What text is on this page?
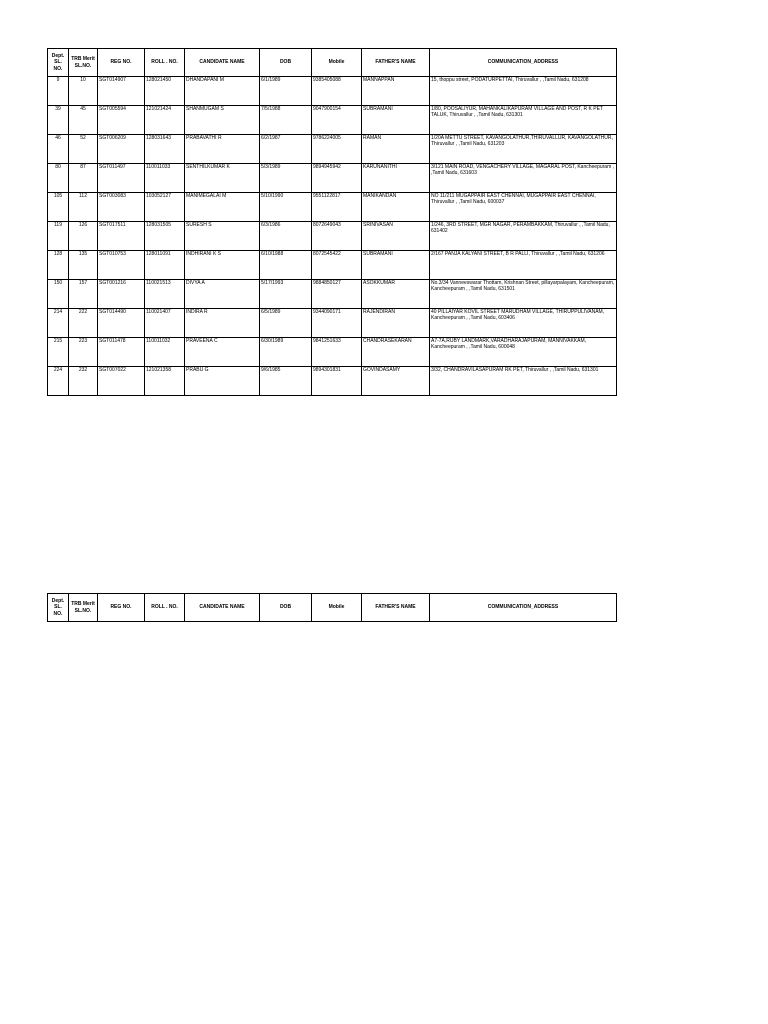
Dept. SL. NO.	TRB Merit SL.NO.	REG NO.	ROLL . NO.	CANDIDATE NAME	DOB	Mobile	FATHER'S NAME	COMMUNICATION_ADDRESS
9	10	SGT014907	128021450	DHANDAPANI M	6/1/1989	9385405088	MANNAPPAN	15, thoppu street, PODATURPETTAI, Thiruvallur , ,Tamil Nadu, 631208
39	45	SGT005594	121021424	SHANMUGAM S	7/5/1988	9047900154	SUBRAMANI	1/80, POOSALIYUR, MAHANKALIKAPURAM VILLAGE AND POST, R K PET TALUK, Thiruvallur , ,Tamil Nadu, 631301
46	52	SGT006209	128031643	PRABAVATHI R	6/2/1987	9786224005	RAMAN	1/20A METTU STREET, KAVANGOLATHUR,THIRUVALLUR, KAVANGOLATHUR, Thiruvallur , ,Tamil Nadu, 631203
80	87	SGT011497	110011033	SENTHILKUMAR K	5/3/1989	9894945942	KARUNANITHI	3/121 MAIN ROAD, VENGACHERY VILLAGE, MAGARAL POST, Kancheepuram , ,Tamil Nadu, 631603
105	112	SGT003083	103052127	MANIMEGALAI M	5/10/1990	9551122817	MANIKANDAN	NO 11/211 MUGAPPAIR EAST CHENNAI, MUGAPPAIR EAST CHENNAI, Thiruvallur , ,Tamil Nadu, 600037
119	126	SGT017511	128031505	SURESH S	6/3/1986	8072649043	SRINIVASAN	1/246, 3RD STREET, MGR NAGAR, PERAMBAKKAM, Thiruvallur , ,Tamil Nadu, 631402
128	135	SGT010753	128011091	INDHIRANI K S	6/10/1988	8072545422	SUBRAMANI	2/167 PANJA KALYANI STREET, B R PALLI, Thiruvallur , ,Tamil Nadu, 631206
150	157	SGT001216	110021513	DIVYA A	5/17/1993	9884850127	ASOKKUMAR	No.3/34 Vanneeswarar Thottam, Krishnan Street, pillayarpalayam, Kancheepuram, Kancheepuram , ,Tamil Nadu, 631501
214	222	SGT014490	110021407	INDIRA R	6/5/1989	9344090171	RAJENDIRAN	40 PILLAIYAR KOVIL STREET MARUDHAM VILLAGE, THIRUPPULIVANAM, Kancheepuram , ,Tamil Nadu, 603406
215	223	SGT011478	110011032	PRAVEENA C	6/30/1989	9841251633	CHANDRASEKARAN	A7-7A,RUBY LANDMARK,VARADHARAJAPURAM, MANNIVAKKAM, Kancheepuram , ,Tamil Nadu, 600048
224	232	SGT007022	121021358	PRABU G	9/6/1985	9894301831	GOVINDASAMY	3/32, CHANDRAVILASAPURAM RK PET, Thiruvallur , ,Tamil Nadu, 631301
Dept. SL. NO.	TRB Merit SL.NO.	REG NO.	ROLL . NO.	CANDIDATE NAME	DOB	Mobile	FATHER'S NAME	COMMUNICATION_ADDRESS
